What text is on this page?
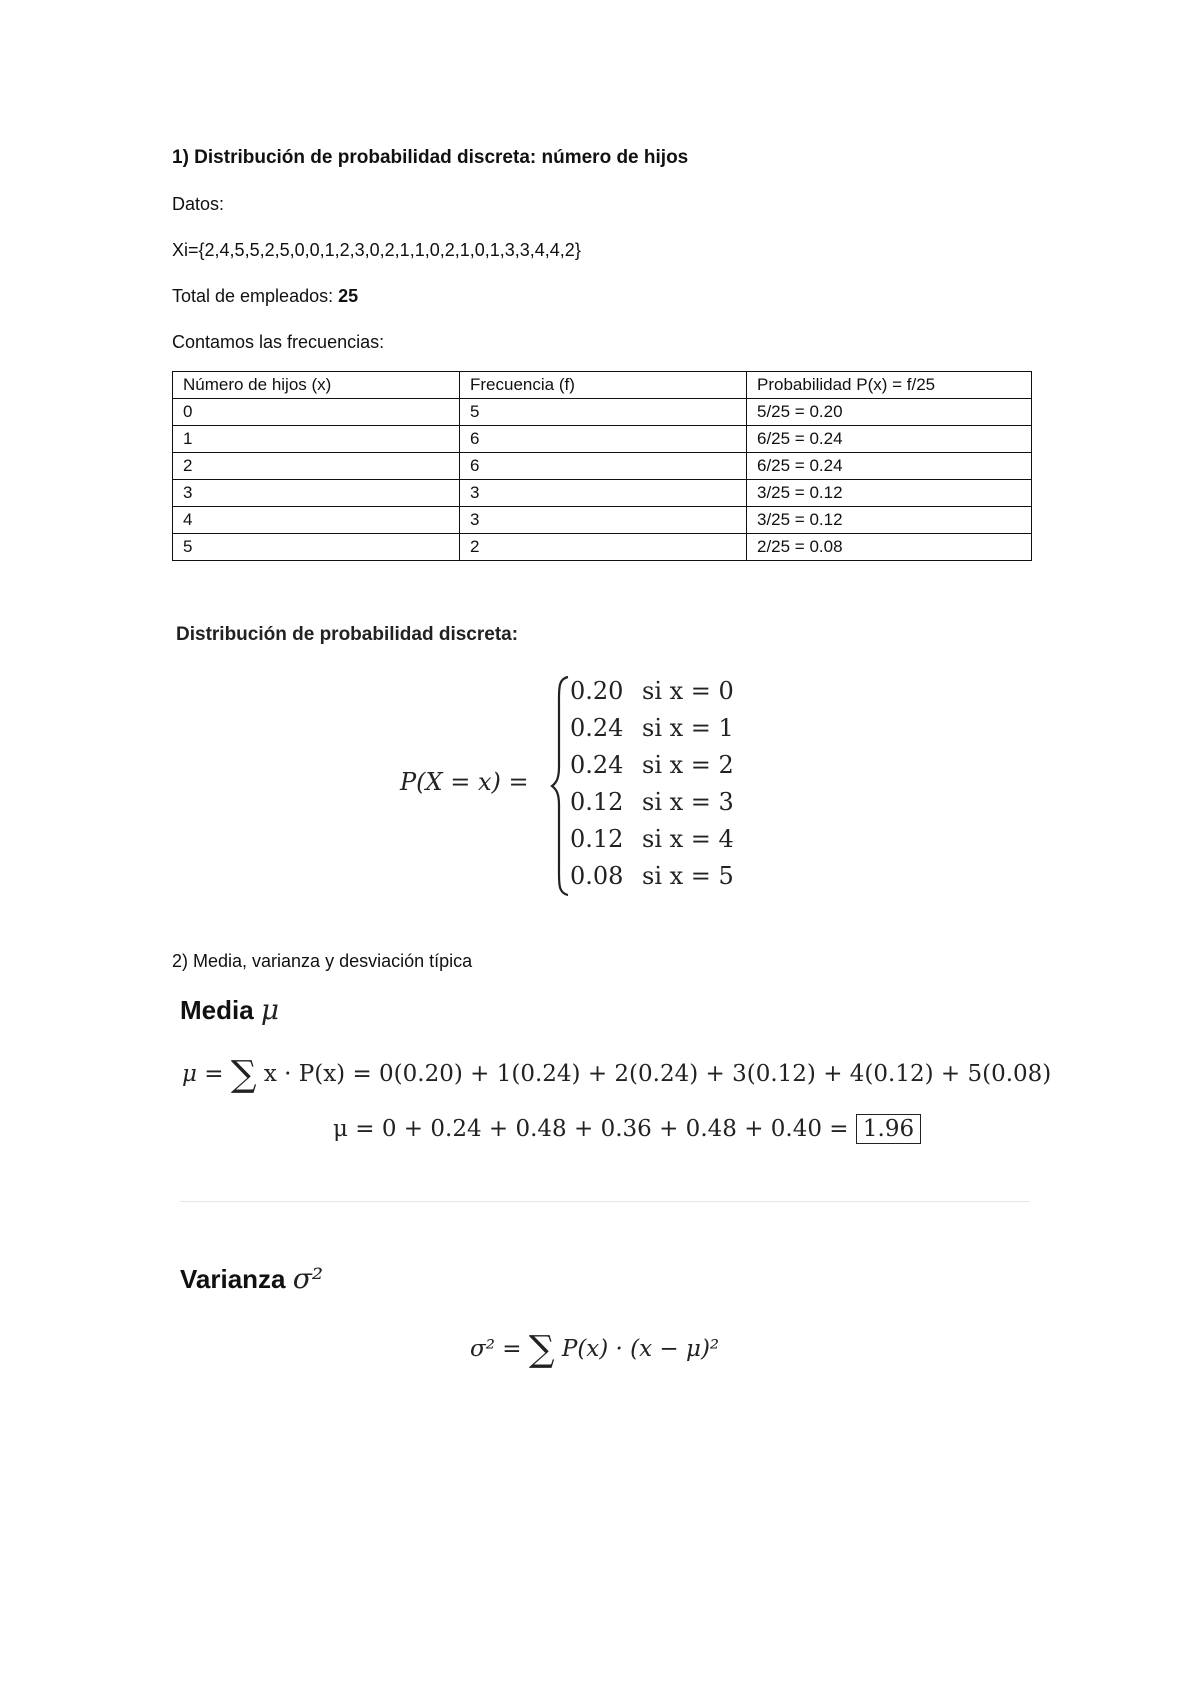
1) Distribución de probabilidad discreta: número de hijos
Datos:
Xi={2,4,5,5,2,5,0,0,1,2,3,0,2,1,1,0,2,1,0,1,3,3,4,4,2}
Total de empleados: 25
Contamos las frecuencias:
Número de hijos (x)	Frecuencia (f)	Probabilidad P(x) = f/25
0	5	5/25 = 0.20
1	6	6/25 = 0.24
2	6	6/25 = 0.24
3	3	3/25 = 0.12
4	3	3/25 = 0.12
5	2	2/25 = 0.08
Distribución de probabilidad discreta:
P(X = x) =
0.20 si x = 0
0.24 si x = 1
0.24 si x = 2
0.12 si x = 3
0.12 si x = 4
0.08 si x = 5
2) Media, varianza y desviación típica
Media μ
μ = ∑ x · P(x) = 0(0.20) + 1(0.24) + 2(0.24) + 3(0.12) + 4(0.12) + 5(0.08)
μ = 0 + 0.24 + 0.48 + 0.36 + 0.48 + 0.40 = 1.96
Varianza σ²
σ² = ∑ P(x) · (x − μ)²
